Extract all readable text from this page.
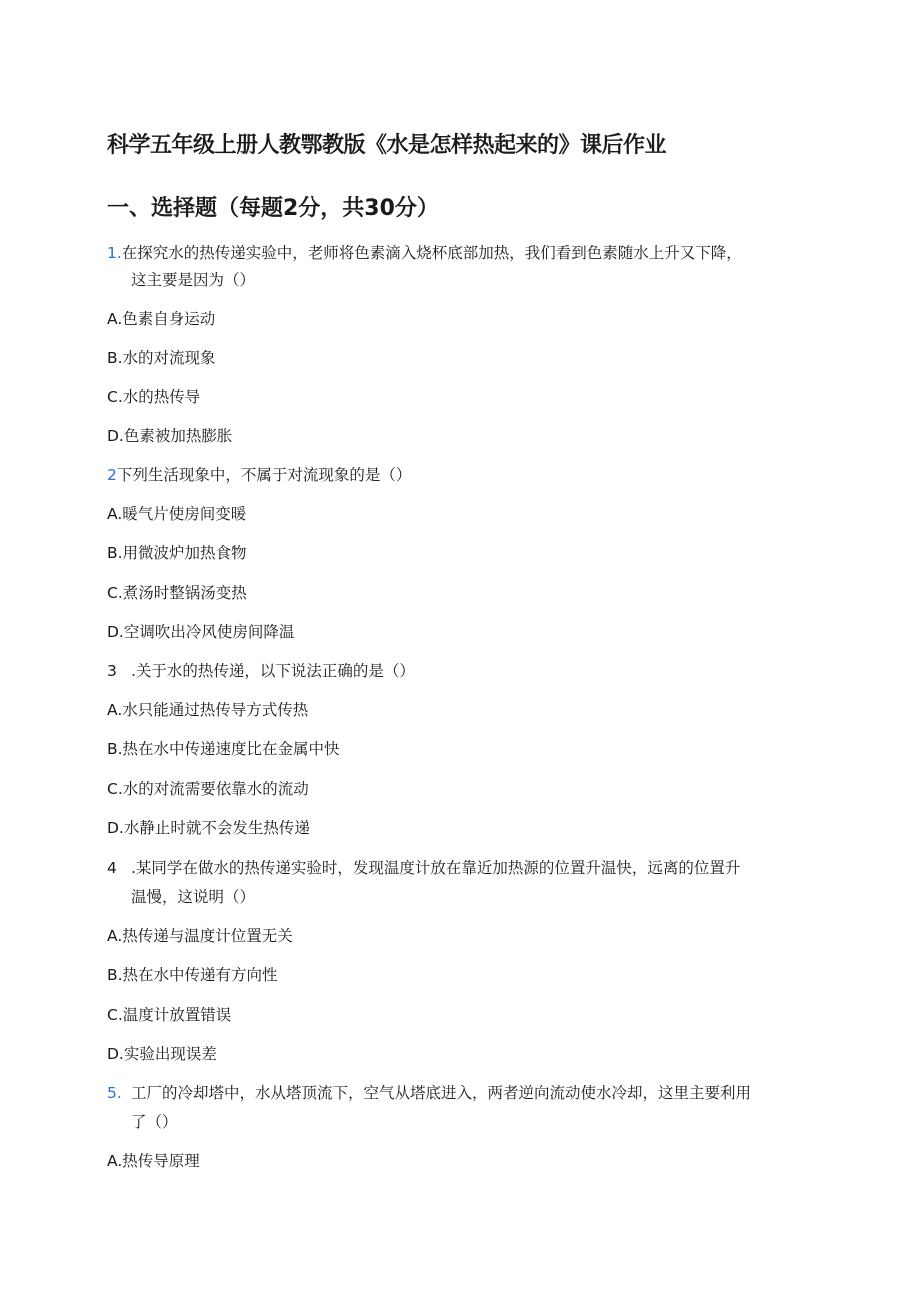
科学五年级上册人教鄂教版《水是怎样热起来的》课后作业
一、选择题（每题2分，共30分）
1.在探究水的热传递实验中，老师将色素滴入烧杯底部加热，我们看到色素随水上升又下降，
这主要是因为（）
A.色素自身运动
B.水的对流现象
C.水的热传导
D.色素被加热膨胀
2下列生活现象中，不属于对流现象的是（）
A.暖气片使房间变暖
B.用微波炉加热食物
C.煮汤时整锅汤变热
D.空调吹出冷风使房间降温
3 .关于水的热传递，以下说法正确的是（）
A.水只能通过热传导方式传热
B.热在水中传递速度比在金属中快
C.水的对流需要依靠水的流动
D.水静止时就不会发生热传递
4 .某同学在做水的热传递实验时，发现温度计放在靠近加热源的位置升温快，远离的位置升
温慢，这说明（）
A.热传递与温度计位置无关
B.热在水中传递有方向性
C.温度计放置错误
D.实验出现误差
5. 工厂的冷却塔中，水从塔顶流下，空气从塔底进入，两者逆向流动使水冷却，这里主要利用
了（）
A.热传导原理
